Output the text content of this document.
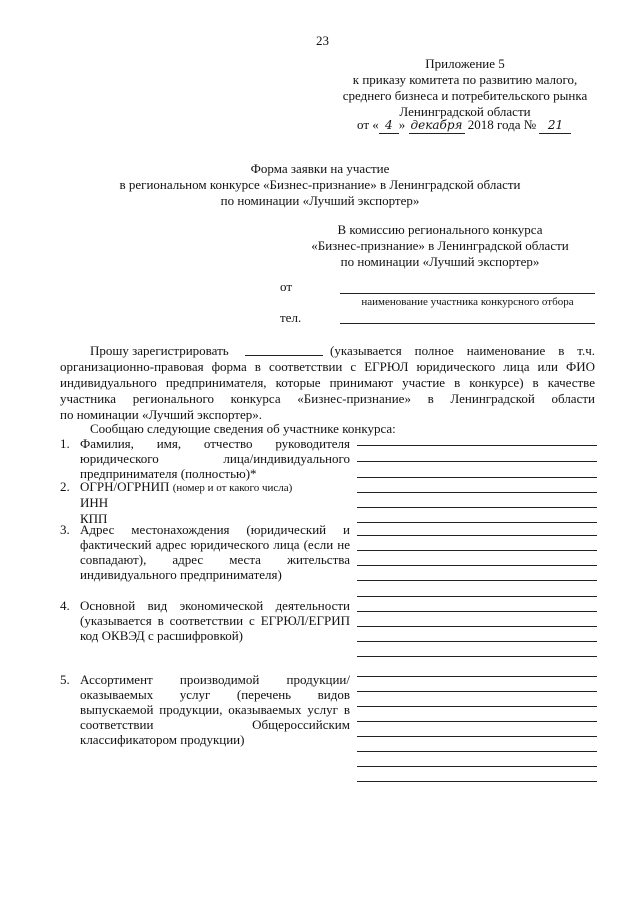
23
Приложение 5
к приказу комитета по развитию малого,
среднего бизнеса и потребительского рынка
Ленинградской области
от « 4 » декабря 2018 года № 21
Форма заявки на участие
в региональном конкурсе «Бизнес-признание» в Ленинградской области
по номинации «Лучший экспортер»
В комиссию регионального конкурса
«Бизнес-признание» в Ленинградской области
по номинации «Лучший экспортер»
от
наименование участника конкурсного отбора
тел.
Прошу зарегистрировать	(указывается полное наименование в т.ч.
организационно-правовая форма в соответствии с ЕГРЮЛ юридического лица или ФИО
индивидуального предпринимателя, которые принимают участие в конкурсе) в качестве
участника регионального конкурса «Бизнес-признание» в Ленинградской области
по номинации «Лучший экспортер».
Сообщаю следующие сведения об участнике конкурса:
1. Фамилия, имя, отчество руководителя
юридического лица/индивидуального
предпринимателя (полностью)*
2. ОГРН/ОГРНИП (номер и от какого числа)
ИНН
КПП
3. Адрес местонахождения (юридический и
фактический адрес юридического лица (если не
совпадают), адрес места жительства
индивидуального предпринимателя)
4. Основной вид экономической деятельности
(указывается в соответствии с ЕГРЮЛ/ЕГРИП
код ОКВЭД с расшифровкой)
5. Ассортимент производимой продукции/
оказываемых услуг (перечень видов
выпускаемой продукции, оказываемых услуг в
соответствии Общероссийским
классификатором продукции)
